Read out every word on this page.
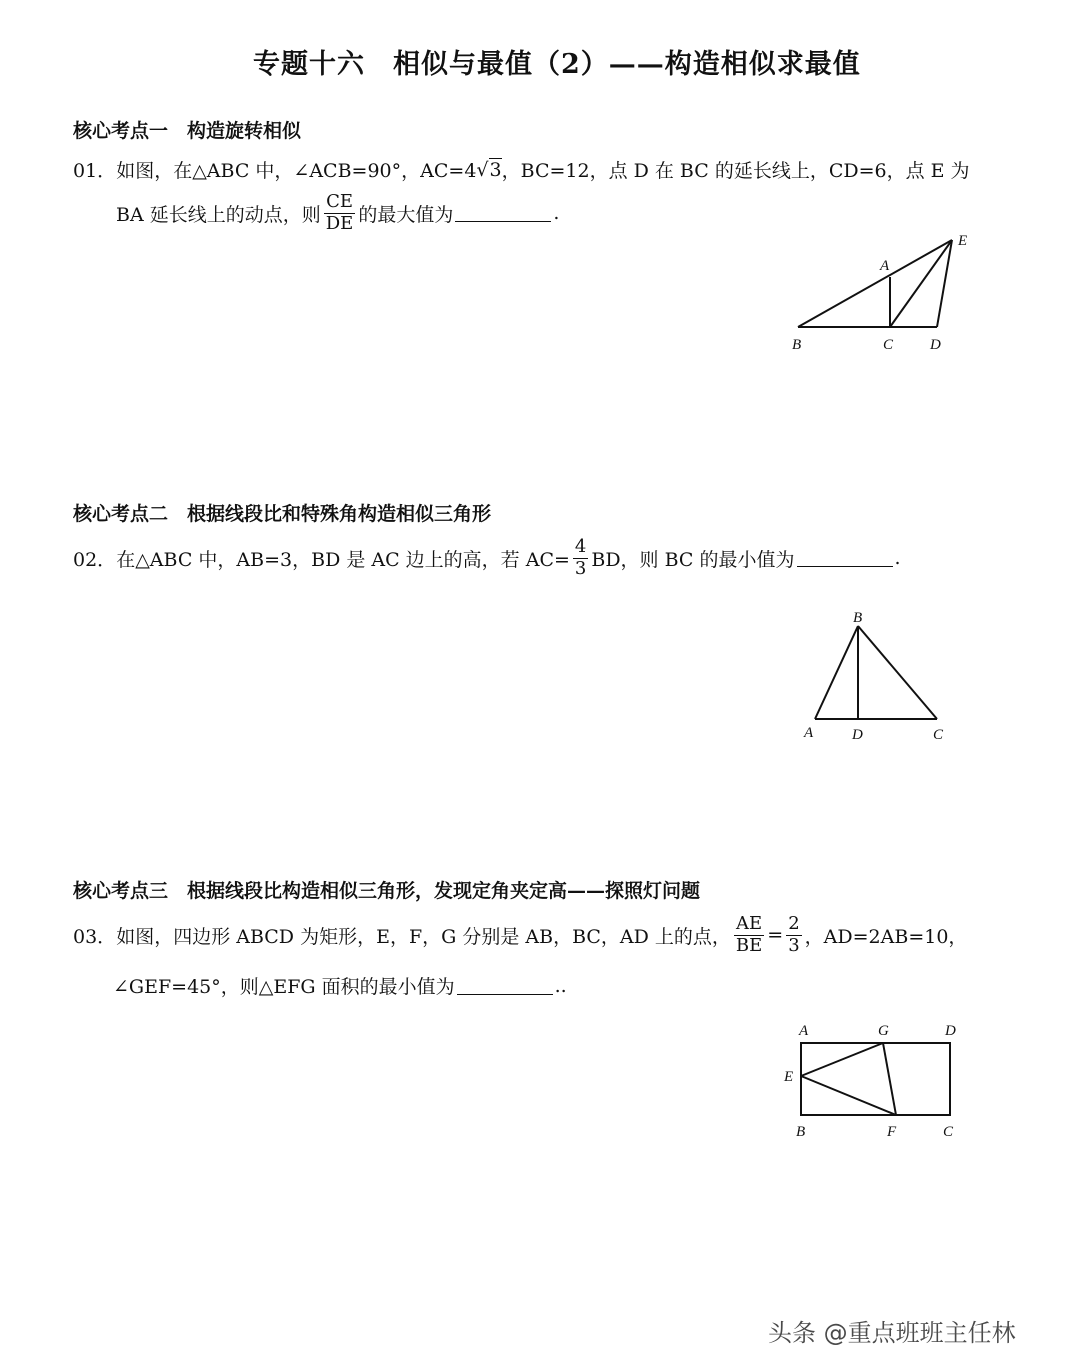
专题十六　相似与最值（2）——构造相似求最值
核心考点一　构造旋转相似
01． 如图，在△ABC 中，∠ACB=90°，AC=4 √ 3 ，BC=12，点 D 在 BC 的延长线上，CD=6，点 E 为
BA 延长线上的动点，则 $\frac{CE}{DE}$ 的最大值为	.
A
B	C D
E
核心考点二　根据线段比和特殊角构造相似三角形
02． 在△ABC 中，AB=3，BD 是 AC 边上的高，若 $AC= \frac{4}{3}$ BD，则 BC 的最小值为	.
B
A	D	C
核心考点三　根据线段比构造相似三角形，发现定角夹定高——探照灯问题
03． 如图，四边形 ABCD 为矩形，E，F，G 分别是 AB，BC，AD 上的点， $\frac{AE}{BE} = \frac{2}{3}$ ，AD=2AB=10，
∠GEF=45°，则△EFG 面积的最小值为	..
A	G	D
E
B	F	C
头条 @重点班班主任林
